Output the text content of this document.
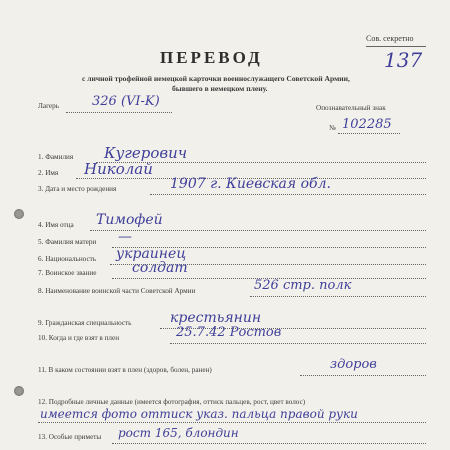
Сов. секретно
137
ПЕРЕВОД
с личной трофейной немецкой карточки военнослужащего Советской Армии,
бывшего в немецком плену.
Лагерь	326 (VI-K)	Опознавательный знак
№ 102285
1. Фамилия Кугерович
2. Имя Николай
3. Дата и место рождения	1907 г. Киевская обл.
4. Имя отца Тимофей
5. Фамилия матери —
6. Национальность украинец
7. Воинское звание	солдат
8. Наименование воинской части Советской Армии	526 стр. полк
9. Гражданская специальность	крестьянин
10. Когда и где взят в плен	25.7.42 Ростов
11. В каком состоянии взят в плен (здоров, болен, ранен)	здоров
12. Подробные личные данные (имеется фотография, оттиск пальцев, рост, цвет волос)
имеется фото оттиск указ. пальца правой руки
13. Особые приметы рост 165, блондин
